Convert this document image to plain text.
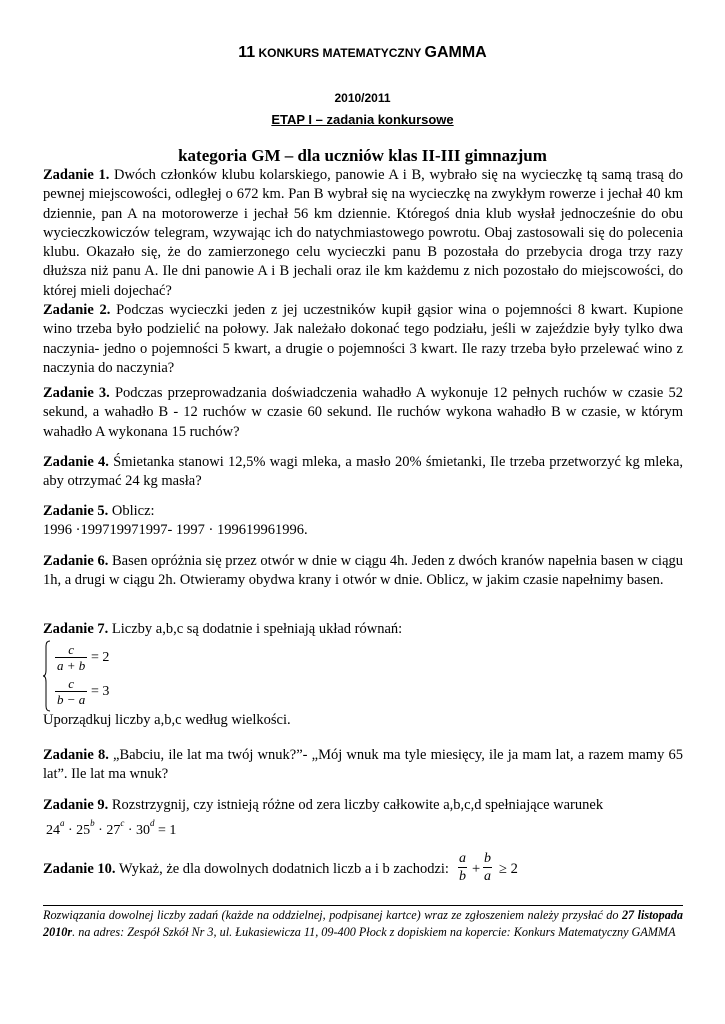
11 KONKURS MATEMATYCZNY GAMMA
2010/2011
ETAP I – zadania konkursowe
kategoria GM – dla uczniów klas II-III gimnazjum

Zadanie 1. Dwóch członków klubu kolarskiego, panowie A i B, wybrało się na wycieczkę tą samą trasą do pewnej miejscowości, odległej o 672 km. Pan B wybrał się na wycieczkę na zwykłym rowerze i jechał 40 km dziennie, pan A na motorowerze i jechał 56 km dziennie. Któregoś dnia klub wysłał jednocześnie do obu wycieczkowiczów telegram, wzywając ich do natychmiastowego powrotu. Obaj zastosowali się do polecenia klubu. Okazało się, że do zamierzonego celu wycieczki panu B pozostała do przebycia droga trzy razy dłuższa niż panu A. Ile dni panowie A i B jechali oraz ile km każdemu z nich pozostało do miejscowości, do której mieli dojechać?

Zadanie 2. Podczas wycieczki jeden z jej uczestników kupił gąsior wina o pojemności 8 kwart. Kupione wino trzeba było podzielić na połowy. Jak należało dokonać tego podziału, jeśli w zajeździe były tylko dwa naczynia- jedno o pojemności 5 kwart, a drugie o pojemności 3 kwart. Ile razy trzeba było przelewać wino z naczynia do naczynia?

Zadanie 3. Podczas przeprowadzania doświadczenia wahadło A wykonuje 12 pełnych ruchów w czasie 52 sekund, a wahadło B - 12 ruchów w czasie 60 sekund. Ile ruchów wykona wahadło B w czasie, w którym wahadło A wykonana 15 ruchów?

Zadanie 4. Śmietanka stanowi 12,5% wagi mleka, a masło 20% śmietanki, Ile trzeba przetworzyć kg mleka, aby otrzymać 24 kg masła?

Zadanie 5. Oblicz:

1996 ·199719971997- 1997 · 199619961996.

Zadanie 6. Basen opróżnia się przez otwór w dnie w ciągu 4h. Jeden z dwóch kranów napełnia basen w ciągu 1h, a drugi w ciągu 2h. Otwieramy obydwa krany i otwór w dnie. Oblicz, w jakim czasie napełnimy basen.

Zadanie 7. Liczby a,b,c są dodatnie i spełniają układ równań:

$\frac{c}{a + b} = 2$
$\frac{c}{b - a} = 3$

Uporządkuj liczby a,b,c według wielkości.

Zadanie 8. „Babciu, ile lat ma twój wnuk?”- „Mój wnuk ma tyle miesięcy, ile ja mam lat, a razem mamy 65 lat”. Ile lat ma wnuk?

Zadanie 9. Rozstrzygnij, czy istnieją różne od zera liczby całkowite a,b,c,d spełniające warunek

$24^a \cdot 25^b \cdot 27^c \cdot 30^d = 1$
Zadanie 10. Wykaż, że dla dowolnych dodatnich liczb a i b zachodzi: $\frac{a}{b} + \frac{b}{a} \ge 2$
Rozwiązania dowolnej liczby zadań (każde na oddzielnej, podpisanej kartce) wraz ze zgłoszeniem należy przysłać do 27 listopada 2010r. na adres: Zespół Szkół Nr 3, ul. Łukasiewicza 11, 09-400 Płock z dopiskiem na kopercie: Konkurs Matematyczny GAMMA
